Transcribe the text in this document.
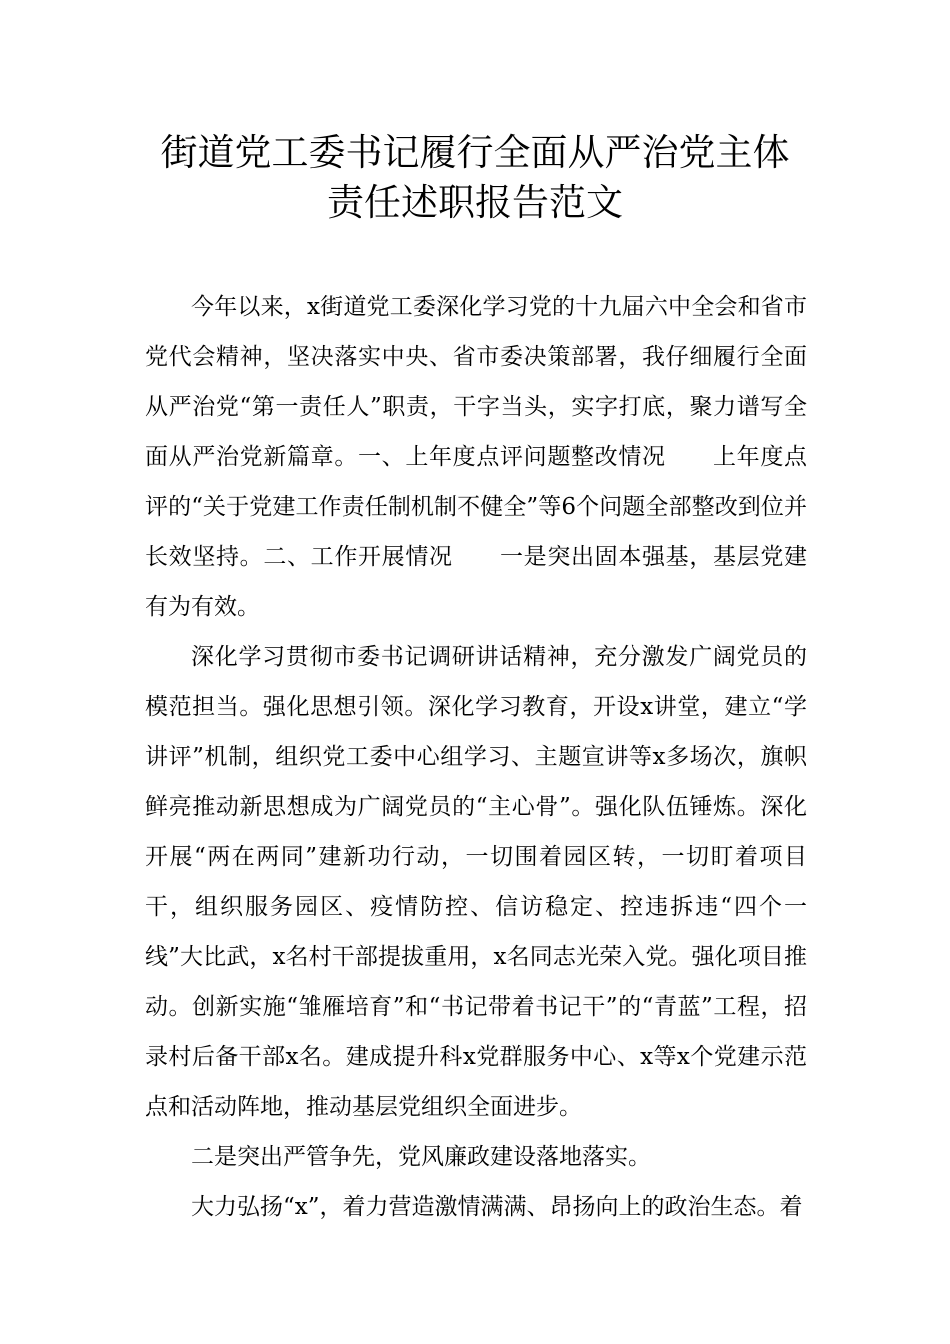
街道党工委书记履行全面从严治党主体
责任述职报告范文

今年以来，x街道党工委深化学习党的十九届六中全会和省市党代会精神，坚决落实中央、省市委决策部署，我仔细履行全面从严治党“第一责任人”职责，干字当头，实字打底，聚力谱写全面从严治党新篇章。一、上年度点评问题整改情况　　上年度点评的“关于党建工作责任制机制不健全”等6个问题全部整改到位并长效坚持。二、工作开展情况　　一是突出固本强基，基层党建有为有效。

深化学习贯彻市委书记调研讲话精神，充分激发广阔党员的模范担当。强化思想引领。深化学习教育，开设x讲堂，建立“学讲评”机制，组织党工委中心组学习、主题宣讲等x多场次，旗帜鲜亮推动新思想成为广阔党员的“主心骨”。强化队伍锤炼。深化开展“两在两同”建新功行动，一切围着园区转，一切盯着项目干，组织服务园区、疫情防控、信访稳定、控违拆违“四个一线”大比武，x名村干部提拔重用，x名同志光荣入党。强化项目推动。创新实施“雏雁培育”和“书记带着书记干”的“青蓝”工程，招录村后备干部x名。建成提升科x党群服务中心、x等x个党建示范点和活动阵地，推动基层党组织全面进步。

二是突出严管争先，党风廉政建设落地落实。

大力弘扬“x”，着力营造激情满满、昂扬向上的政治生态。着
